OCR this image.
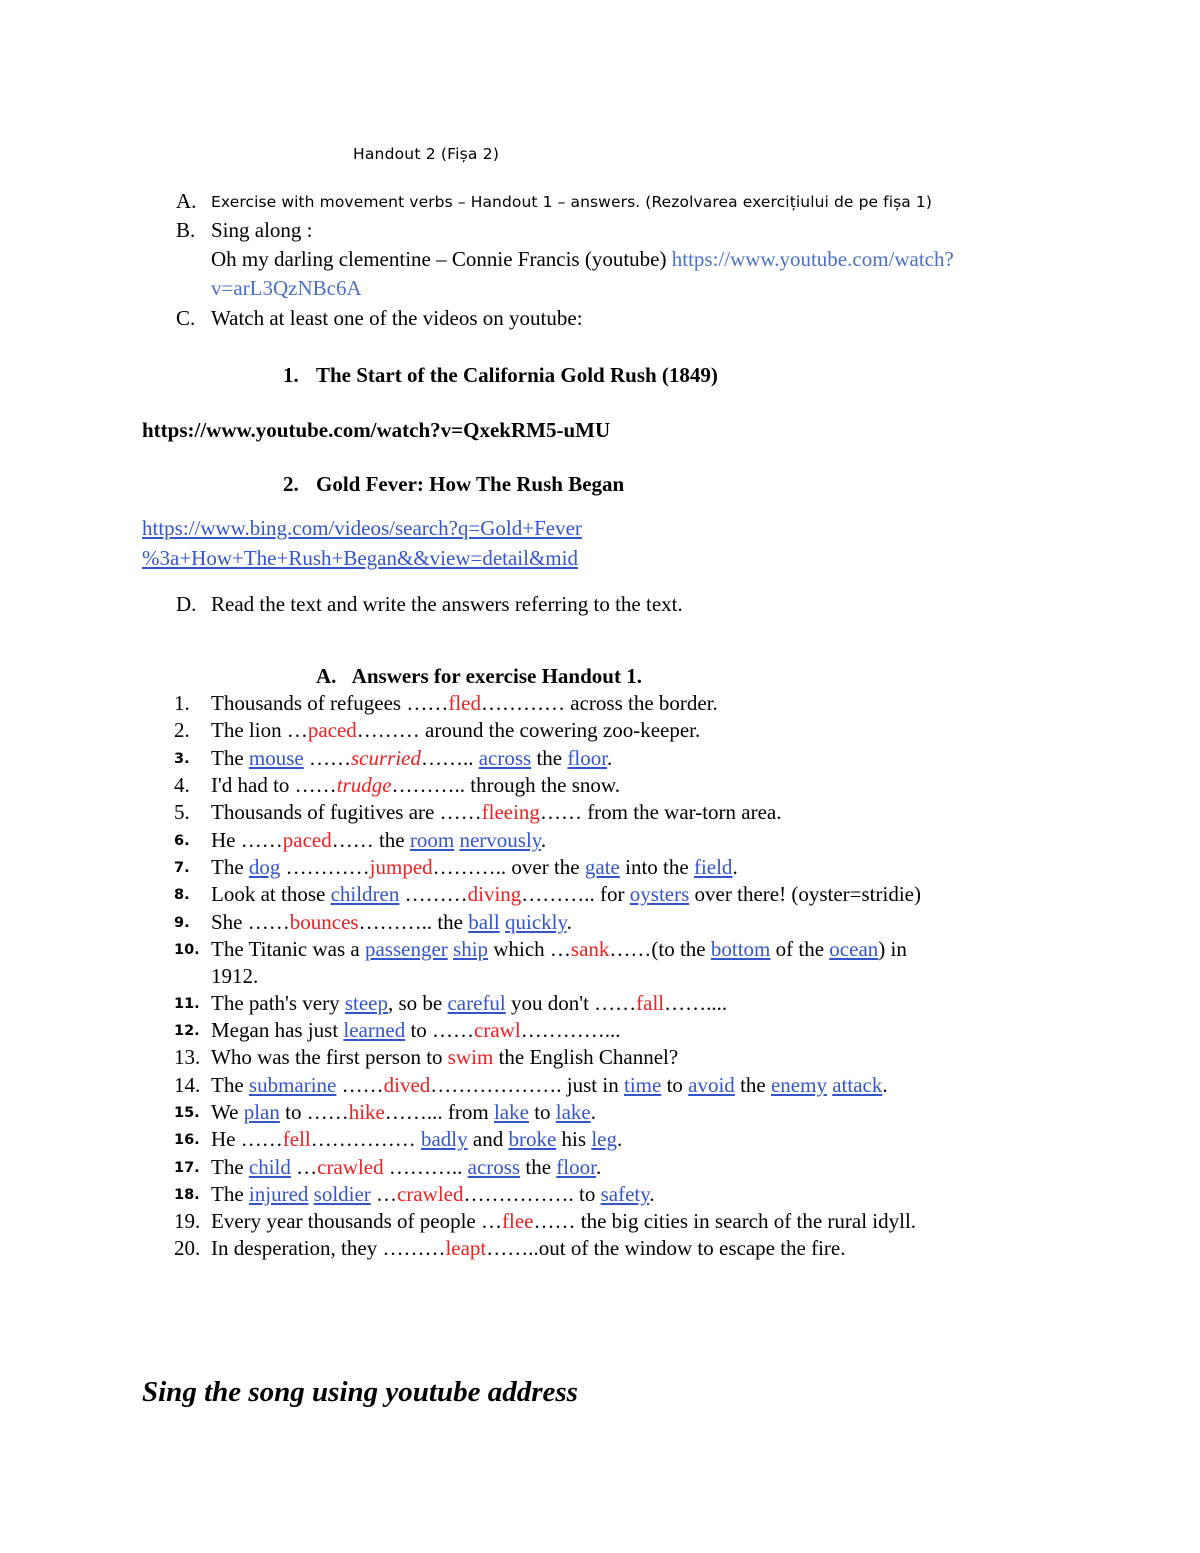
Handout 2 (Fișa 2)
A. Exercise with movement verbs – Handout 1 – answers. (Rezolvarea exercițiului de pe fișa 1)
B. Sing along :
Oh my darling clementine – Connie Francis (youtube) https://www.youtube.com/watch?
v=arL3QzNBc6A
C. Watch at least one of the videos on youtube:
1. The Start of the California Gold Rush (1849)
https://www.youtube.com/watch?v=QxekRM5-uMU
2. Gold Fever: How The Rush Began
https://www.bing.com/videos/search?q=Gold+Fever
%3a+How+The+Rush+Began&&view=detail&mid
D. Read the text and write the answers referring to the text.
A. Answers for exercise Handout 1.
1.	Thousands of refugees ……fled………… across the border.
2.	The lion …paced……… around the cowering zoo-keeper.
3.	The mouse ……scurried…….. across the floor.
4.	I'd had to ……trudge……….. through the snow.
5.	Thousands of fugitives are ……fleeing…… from the war-torn area.
6.	He ……paced…… the room nervously.
7.	The dog …………jumped……….. over the gate into the field.
8.	Look at those children ………diving……….. for oysters over there! (oyster=stridie)
9.	She ……bounces……….. the ball quickly.
10. The Titanic was a passenger ship which …sank……(to the bottom of the ocean) in
1912.
11. The path's very steep, so be careful you don't ……fall……....
12. Megan has just learned to ……crawl…………...
13. Who was the first person to swim the English Channel?
14. The submarine ……dived………………. just in time to avoid the enemy attack.
15. We plan to ……hike……... from lake to lake.
16. He ……fell…………… badly and broke his leg.
17. The child …crawled ……….. across the floor.
18. The injured soldier …crawled……………. to safety.
19. Every year thousands of people …flee…… the big cities in search of the rural idyll.
20. In desperation, they ………leapt……..out of the window to escape the fire.
Sing the song using youtube address
